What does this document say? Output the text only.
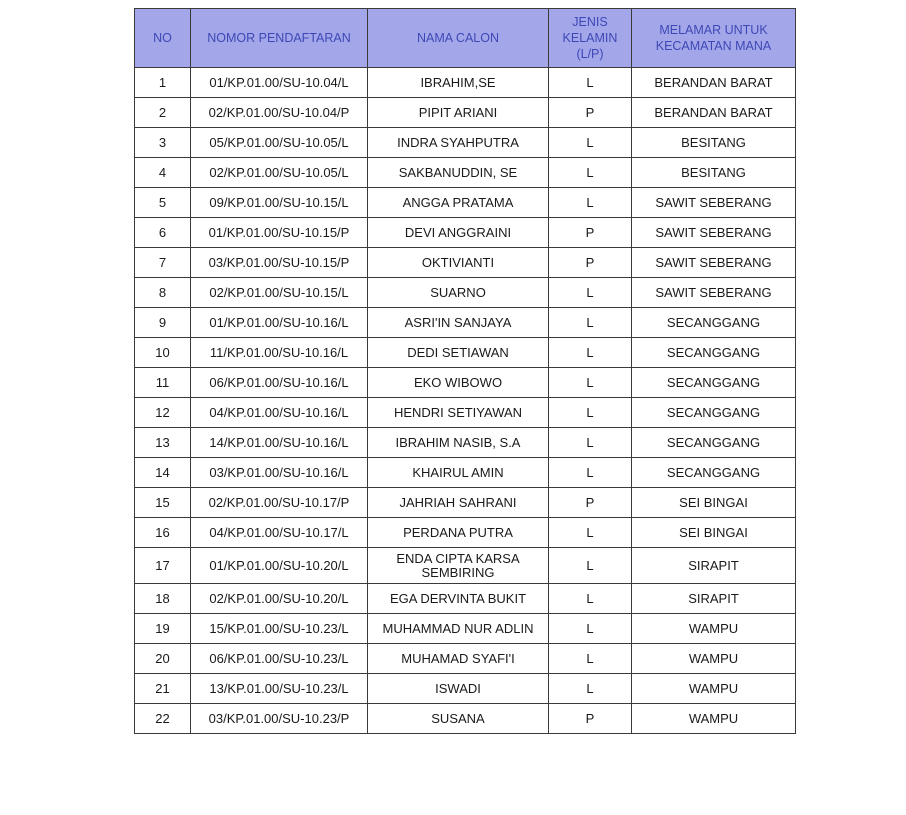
NO	NOMOR PENDAFTARAN	NAMA CALON	JENIS KELAMIN (L/P)	MELAMAR UNTUK KECAMATAN MANA
1	01/KP.01.00/SU-10.04/L	IBRAHIM,SE	L	BERANDAN BARAT
2	02/KP.01.00/SU-10.04/P	PIPIT ARIANI	P	BERANDAN BARAT
3	05/KP.01.00/SU-10.05/L	INDRA SYAHPUTRA	L	BESITANG
4	02/KP.01.00/SU-10.05/L	SAKBANUDDIN, SE	L	BESITANG
5	09/KP.01.00/SU-10.15/L	ANGGA PRATAMA	L	SAWIT SEBERANG
6	01/KP.01.00/SU-10.15/P	DEVI ANGGRAINI	P	SAWIT SEBERANG
7	03/KP.01.00/SU-10.15/P	OKTIVIANTI	P	SAWIT SEBERANG
8	02/KP.01.00/SU-10.15/L	SUARNO	L	SAWIT SEBERANG
9	01/KP.01.00/SU-10.16/L	ASRI'IN SANJAYA	L	SECANGGANG
10	11/KP.01.00/SU-10.16/L	DEDI SETIAWAN	L	SECANGGANG
11	06/KP.01.00/SU-10.16/L	EKO WIBOWO	L	SECANGGANG
12	04/KP.01.00/SU-10.16/L	HENDRI SETIYAWAN	L	SECANGGANG
13	14/KP.01.00/SU-10.16/L	IBRAHIM NASIB, S.A	L	SECANGGANG
14	03/KP.01.00/SU-10.16/L	KHAIRUL AMIN	L	SECANGGANG
15	02/KP.01.00/SU-10.17/P	JAHRIAH SAHRANI	P	SEI BINGAI
16	04/KP.01.00/SU-10.17/L	PERDANA PUTRA	L	SEI BINGAI
17	01/KP.01.00/SU-10.20/L	ENDA CIPTA KARSA SEMBIRING	L	SIRAPIT
18	02/KP.01.00/SU-10.20/L	EGA DERVINTA BUKIT	L	SIRAPIT
19	15/KP.01.00/SU-10.23/L	MUHAMMAD NUR ADLIN	L	WAMPU
20	06/KP.01.00/SU-10.23/L	MUHAMAD SYAFI'I	L	WAMPU
21	13/KP.01.00/SU-10.23/L	ISWADI	L	WAMPU
22	03/KP.01.00/SU-10.23/P	SUSANA	P	WAMPU
